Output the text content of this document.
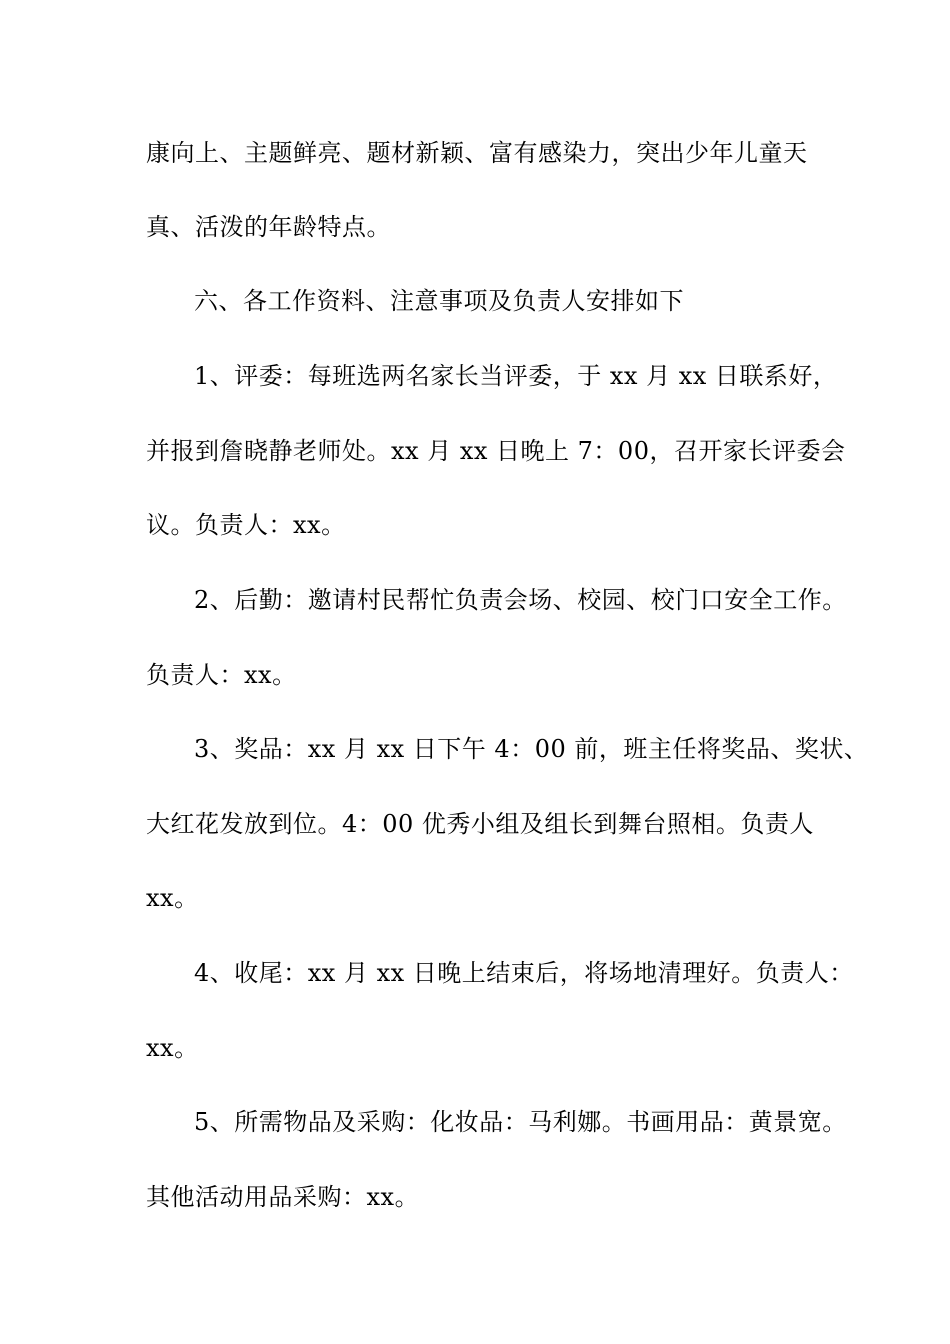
康向上、主题鲜亮、题材新颖、富有感染力，突出少年儿童天
真、活泼的年龄特点。
六、各工作资料、注意事项及负责人安排如下
1、评委：每班选两名家长当评委，于 xx 月 xx 日联系好，
并报到詹晓静老师处。xx 月 xx 日晚上 7：00，召开家长评委会
议。负责人：xx。
2、后勤：邀请村民帮忙负责会场、校园、校门口安全工作。
负责人：xx。
3、奖品：xx 月 xx 日下午 4：00 前，班主任将奖品、奖状、
大红花发放到位。4：00 优秀小组及组长到舞台照相。负责人
xx。
4、收尾：xx 月 xx 日晚上结束后，将场地清理好。负责人：
xx。
5、所需物品及采购：化妆品：马利娜。书画用品：黄景宽。
其他活动用品采购：xx。
